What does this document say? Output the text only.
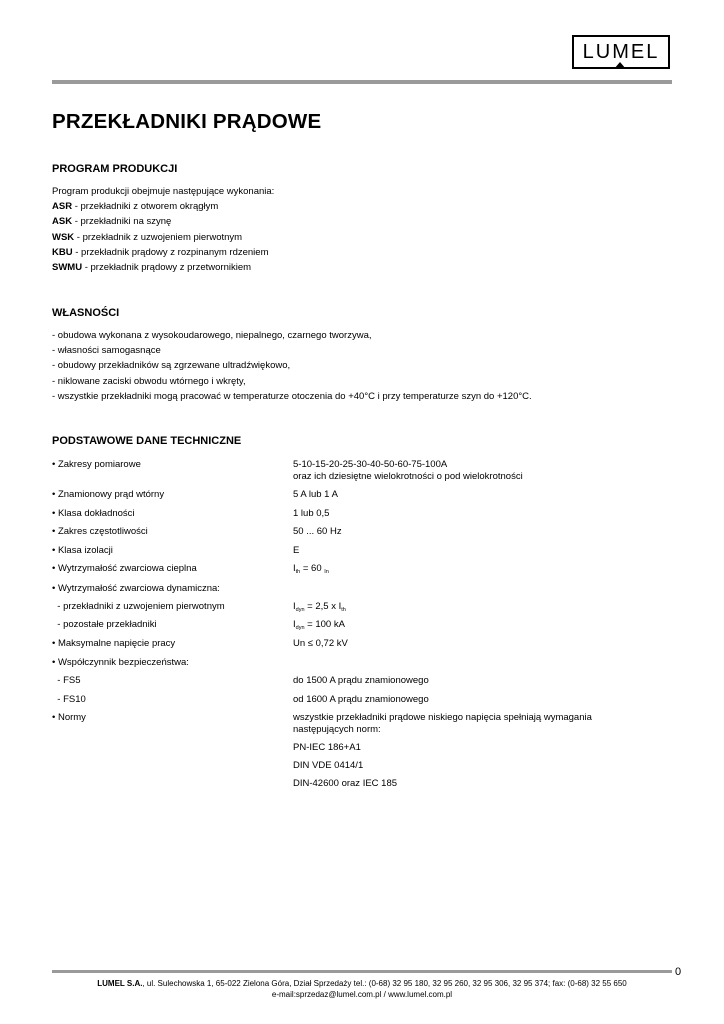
LUMEL
PRZEKŁADNIKI PRĄDOWE
PROGRAM PRODUKCJI
Program produkcji obejmuje następujące wykonania:
ASR - przekładniki z otworem okrągłym
ASK - przekładniki na szynę
WSK - przekładnik z uzwojeniem pierwotnym
KBU - przekładnik prądowy z rozpinanym rdzeniem
SWMU - przekładnik prądowy z przetwornikiem
WŁASNOŚCI
- obudowa wykonana z wysokoudarowego, niepalnego, czarnego tworzywa,
- własności samogasnące
- obudowy przekładników są zgrzewane ultradźwiękowo,
- niklowane zaciski obwodu wtórnego i wkręty,
- wszystkie przekładniki mogą pracować w temperaturze otoczenia do +40°C i przy temperaturze szyn do +120°C.
PODSTAWOWE DANE TECHNICZNE
• Zakresy pomiarowe	5-10-15-20-25-30-40-50-60-75-100A
oraz ich dziesiętne wielokrotności o pod wielokrotności
• Znamionowy prąd wtórny	5 A lub 1 A
• Klasa dokładności	1 lub 0,5
• Zakres częstotliwości	50 ... 60 Hz
• Klasa izolacji	E
• Wytrzymałość zwarciowa cieplna	$I_{th} = 60$ $_{In}$
• Wytrzymałość zwarciowa dynamiczna:
- przekładniki z uzwojeniem pierwotnym	$I_{dyn} = 2,5$ x $I_{th}$
- pozostałe przekładniki	$I_{dyn} = 100$ kA
• Maksymalne napięcie pracy	Un ≤ 0,72 kV
• Współczynnik bezpieczeństwa:
- FS5	do 1500 A prądu znamionowego
- FS10	od 1600 A prądu znamionowego
• Normy	wszystkie przekładniki prądowe niskiego napięcia spełniają wymagania
następujących norm:
PN-IEC 186+A1
DIN VDE 0414/1
DIN-42600 oraz IEC 185
0
LUMEL S.A., ul. Sulechowska 1, 65-022 Zielona Góra, Dział Sprzedaży tel.: (0-68) 32 95 180, 32 95 260, 32 95 306, 32 95 374; fax: (0-68) 32 55 650
e-mail:sprzedaz@lumel.com.pl / www.lumel.com.pl
